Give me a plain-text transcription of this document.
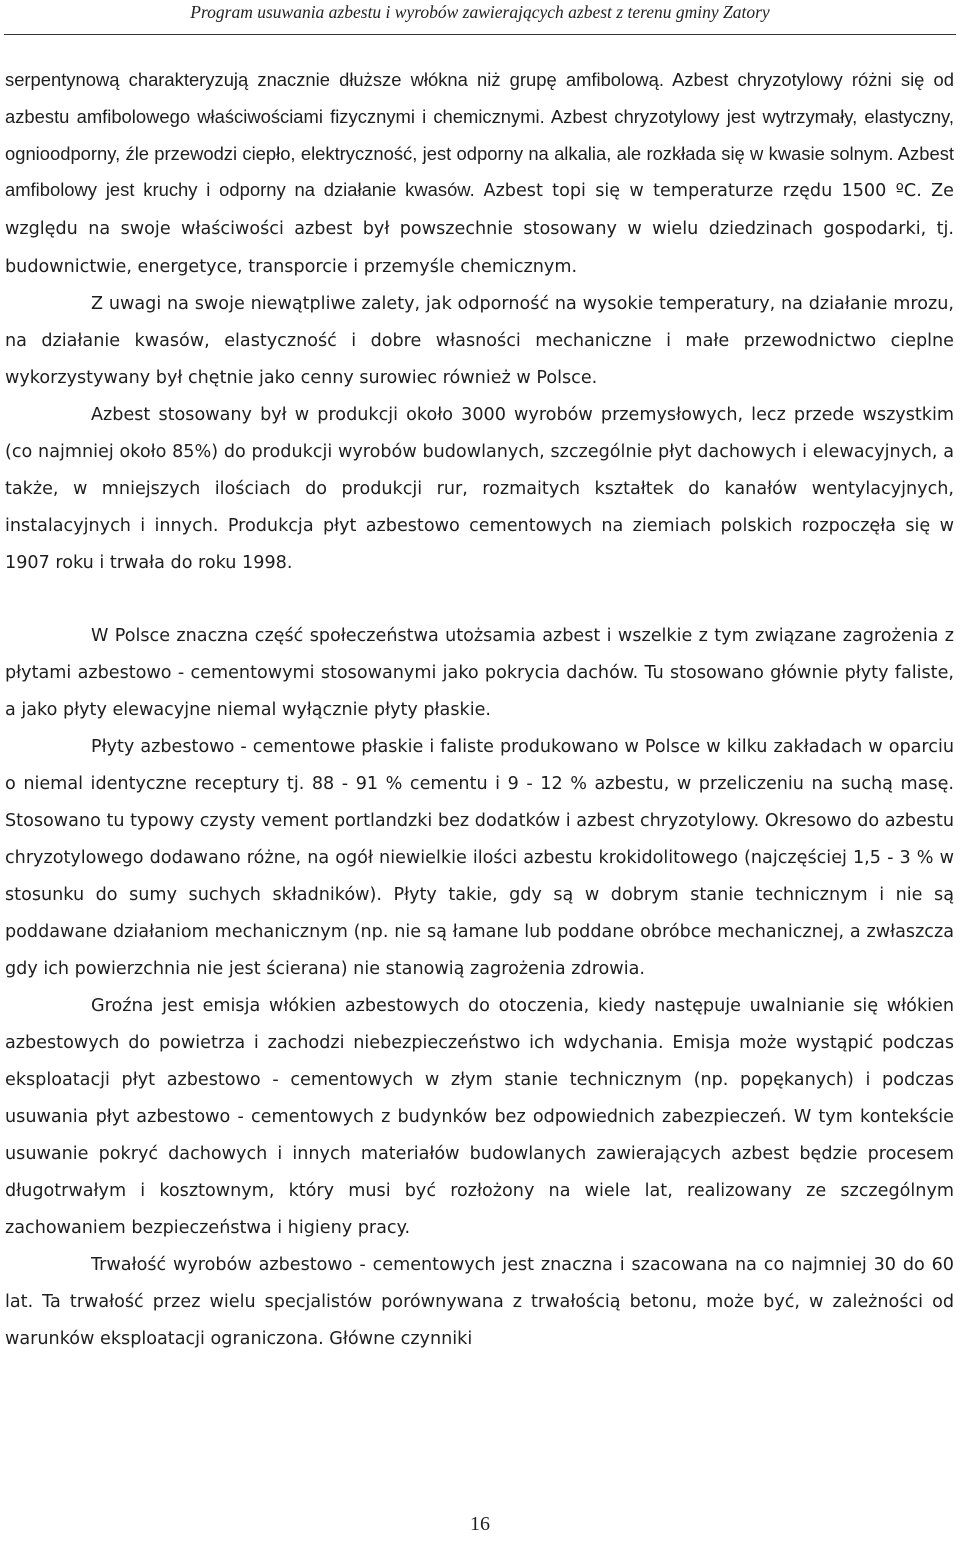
Program usuwania azbestu i wyrobów zawierających azbest z terenu gminy Zatory

serpentynową charakteryzują znacznie dłuższe włókna niż grupę amfibolową. Azbest chryzotylowy różni się od azbestu amfibolowego właściwościami fizycznymi i chemicznymi. Azbest chryzotylowy jest wytrzymały, elastyczny, ognioodporny, źle przewodzi ciepło, elektryczność, jest odporny na alkalia, ale rozkłada się w kwasie solnym. Azbest amfibolowy jest kruchy i odporny na działanie kwasów. Azbest topi się w temperaturze rzędu 1500 ºC. Ze względu na swoje właściwości azbest był powszechnie stosowany w wielu dziedzinach gospodarki, tj. budownictwie, energetyce, transporcie i przemyśle chemicznym.

Z uwagi na swoje niewątpliwe zalety, jak odporność na wysokie temperatury, na działanie mrozu, na działanie kwasów, elastyczność i dobre własności mechaniczne i małe przewodnictwo cieplne wykorzystywany był chętnie jako cenny surowiec również w Polsce.

Azbest stosowany był w produkcji około 3000 wyrobów przemysłowych, lecz przede wszystkim (co najmniej około 85%) do produkcji wyrobów budowlanych, szczególnie płyt dachowych i elewacyjnych, a także, w mniejszych ilościach do produkcji rur, rozmaitych kształtek do kanałów wentylacyjnych, instalacyjnych i innych. Produkcja płyt azbestowo cementowych na ziemiach polskich rozpoczęła się w 1907 roku i trwała do roku 1998.

W Polsce znaczna część społeczeństwa utożsamia azbest i wszelkie z tym związane zagrożenia z płytami azbestowo - cementowymi stosowanymi jako pokrycia dachów. Tu stosowano głównie płyty faliste, a jako płyty elewacyjne niemal wyłącznie płyty płaskie.

Płyty azbestowo - cementowe płaskie i faliste produkowano w Polsce w kilku zakładach w oparciu o niemal identyczne receptury tj. 88 - 91 % cementu i 9 - 12 % azbestu, w przeliczeniu na suchą masę. Stosowano tu typowy czysty vement portlandzki bez dodatków i azbest chryzotylowy. Okresowo do azbestu chryzotylowego dodawano różne, na ogół niewielkie ilości azbestu krokidolitowego (najczęściej 1,5 - 3 % w stosunku do sumy suchych składników). Płyty takie, gdy są w dobrym stanie technicznym i nie są poddawane działaniom mechanicznym (np. nie są łamane lub poddane obróbce mechanicznej, a zwłaszcza gdy ich powierzchnia nie jest ścierana) nie stanowią zagrożenia zdrowia.

Groźna jest emisja włókien azbestowych do otoczenia, kiedy następuje uwalnianie się włókien azbestowych do powietrza i zachodzi niebezpieczeństwo ich wdychania. Emisja może wystąpić podczas eksploatacji płyt azbestowo - cementowych w złym stanie technicznym (np. popękanych) i podczas usuwania płyt azbestowo - cementowych z budynków bez odpowiednich zabezpieczeń. W tym kontekście usuwanie pokryć dachowych i innych materiałów budowlanych zawierających azbest będzie procesem długotrwałym i kosztownym, który musi być rozłożony na wiele lat, realizowany ze szczególnym zachowaniem bezpieczeństwa i higieny pracy.

Trwałość wyrobów azbestowo - cementowych jest znaczna i szacowana na co najmniej 30 do 60 lat. Ta trwałość przez wielu specjalistów porównywana z trwałością betonu, może być, w zależności od warunków eksploatacji ograniczona. Główne czynniki

16
